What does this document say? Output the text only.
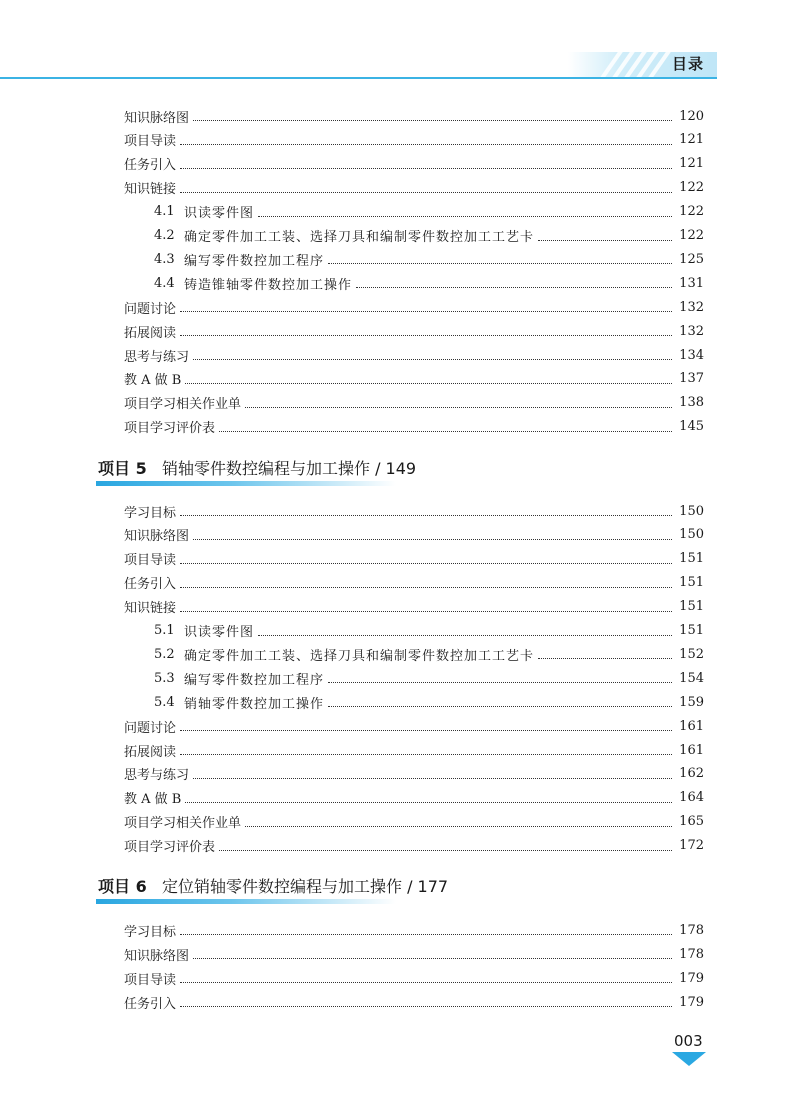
目录
知识脉络图	120
项目导读	121
任务引入	121
知识链接	122
4.1 识读零件图	122
4.2 确定零件加工工装、选择刀具和编制零件数控加工工艺卡	122
4.3 编写零件数控加工程序	125
4.4 铸造锥轴零件数控加工操作	131
问题讨论	132
拓展阅读	132
思考与练习	134
教 A 做 B	137
项目学习相关作业单	138
项目学习评价表	145
项目 5 销轴零件数控编程与加工操作 / 149
学习目标	150
知识脉络图	150
项目导读	151
任务引入	151
知识链接	151
5.1 识读零件图	151
5.2 确定零件加工工装、选择刀具和编制零件数控加工工艺卡	152
5.3 编写零件数控加工程序	154
5.4 销轴零件数控加工操作	159
问题讨论	161
拓展阅读	161
思考与练习	162
教 A 做 B	164
项目学习相关作业单	165
项目学习评价表	172
项目 6 定位销轴零件数控编程与加工操作 / 177
学习目标	178
知识脉络图	178
项目导读	179
任务引入	179
003
